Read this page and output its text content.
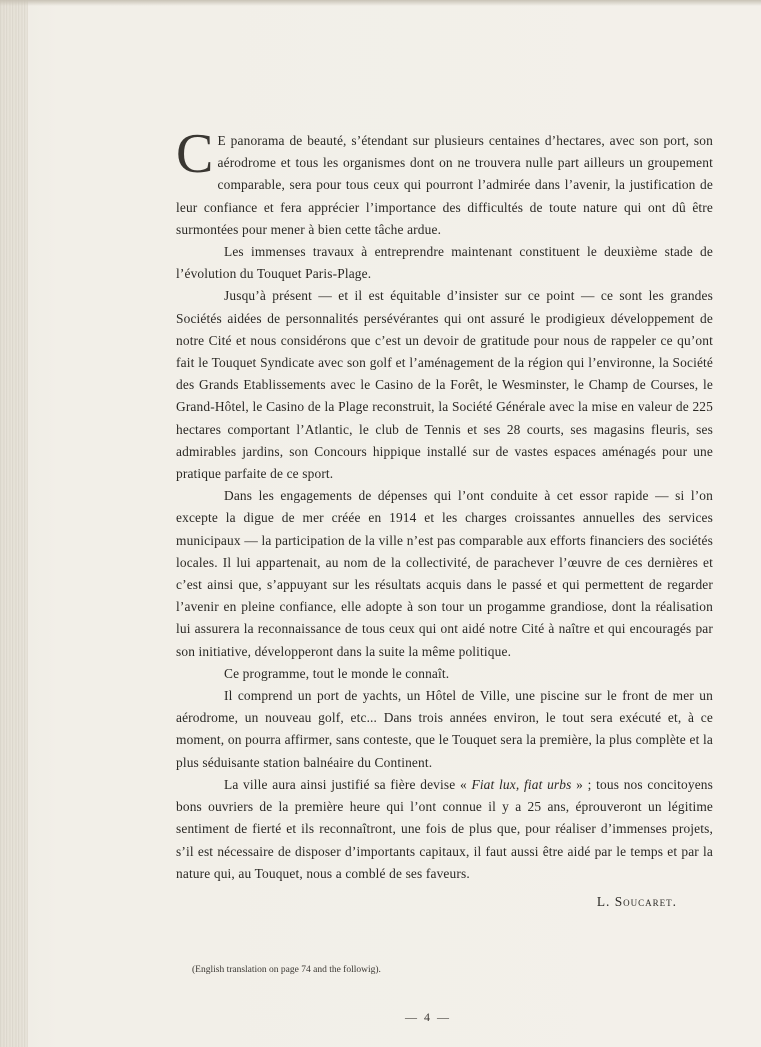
C E panorama de beauté, s’étendant sur plusieurs centaines d’hectares, avec son port, son aérodrome et tous les organismes dont on ne trouvera nulle part ailleurs un groupement comparable, sera pour tous ceux qui pourront l’admirée dans l’avenir, la justification de leur confiance et fera apprécier l’importance des difficultés de toute nature qui ont dû être surmontées pour mener à bien cette tâche ardue.

Les immenses travaux à entreprendre maintenant constituent le deuxième stade de l’évolution du Touquet Paris-Plage.

Jusqu’à présent — et il est équitable d’insister sur ce point — ce sont les grandes Sociétés aidées de personnalités persévérantes qui ont assuré le prodigieux développement de notre Cité et nous considérons que c’est un devoir de gratitude pour nous de rappeler ce qu’ont fait le Touquet Syndicate avec son golf et l’aménagement de la région qui l’environne, la Société des Grands Etablissements avec le Casino de la Forêt, le Wesminster, le Champ de Courses, le Grand-Hôtel, le Casino de la Plage reconstruit, la Société Générale avec la mise en valeur de 225 hectares comportant l’Atlantic, le club de Tennis et ses 28 courts, ses magasins fleuris, ses admirables jardins, son Concours hippique installé sur de vastes espaces aménagés pour une pratique parfaite de ce sport.

Dans les engagements de dépenses qui l’ont conduite à cet essor rapide — si l’on excepte la digue de mer créée en 1914 et les charges croissantes annuelles des services municipaux — la participation de la ville n’est pas comparable aux efforts financiers des sociétés locales. Il lui appartenait, au nom de la collectivité, de parachever l’œuvre de ces dernières et c’est ainsi que, s’appuyant sur les résultats acquis dans le passé et qui permettent de regarder l’avenir en pleine confiance, elle adopte à son tour un progamme grandiose, dont la réalisation lui assurera la reconnaissance de tous ceux qui ont aidé notre Cité à naître et qui encouragés par son initiative, développeront dans la suite la même politique.

Ce programme, tout le monde le connaît.

Il comprend un port de yachts, un Hôtel de Ville, une piscine sur le front de mer un aérodrome, un nouveau golf, etc... Dans trois années environ, le tout sera exécuté et, à ce moment, on pourra affirmer, sans conteste, que le Touquet sera la première, la plus complète et la plus séduisante station balnéaire du Continent.

La ville aura ainsi justifié sa fière devise « Fiat lux, fiat urbs » ; tous nos concitoyens bons ouvriers de la première heure qui l’ont connue il y a 25 ans, éprouveront un légitime sentiment de fierté et ils reconnaîtront, une fois de plus que, pour réaliser d’immenses projets, s’il est nécessaire de disposer d’importants capitaux, il faut aussi être aidé par le temps et par la nature qui, au Touquet, nous a comblé de ses faveurs.

L. Soucaret.
(English translation on page 74 and the followig).
— 4 —
